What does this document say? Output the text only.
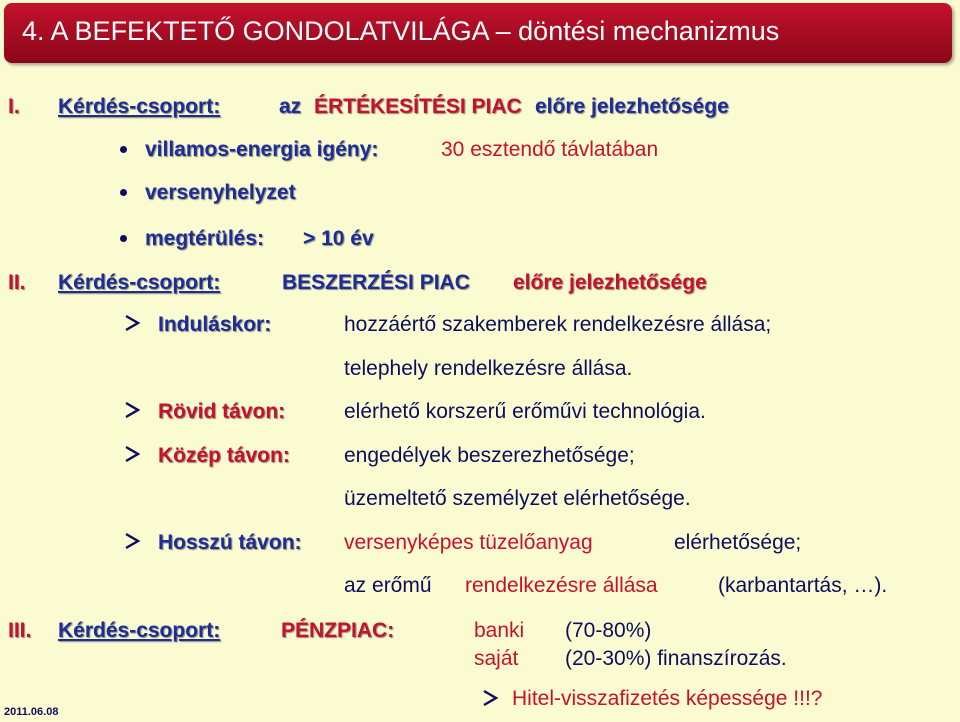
4. A BEFEKTETŐ GONDOLATVILÁGA – döntési mechanizmus
I. Kérdés-csoport:	az ÉRTÉKESÍTÉSI PIAC előre jelezhetősége
villamos-energia igény:	30 esztendő távlatában
versenyhelyzet
megtérülés: > 10 év
II. Kérdés-csoport:	BESZERZÉSI PIAC előre jelezhetősége
Induláskor:	hozzáértő szakemberek rendelkezésre állása;
telephely rendelkezésre állása.
Rövid távon:	elérhető korszerű erőművi technológia.
Közép távon:	engedélyek beszerezhetősége;
üzemeltető személyzet elérhetősége.
Hosszú távon: versenyképes tüzelőanyag	elérhetősége;
az erőmű rendelkezésre állása	(karbantartás, …).
III. Kérdés-csoport:	PÉNZPIAC:	banki (70-80%)
saját (20-30%) finanszírozás.
Hitel-visszafizetés képessége !!!?
2011.06.08
